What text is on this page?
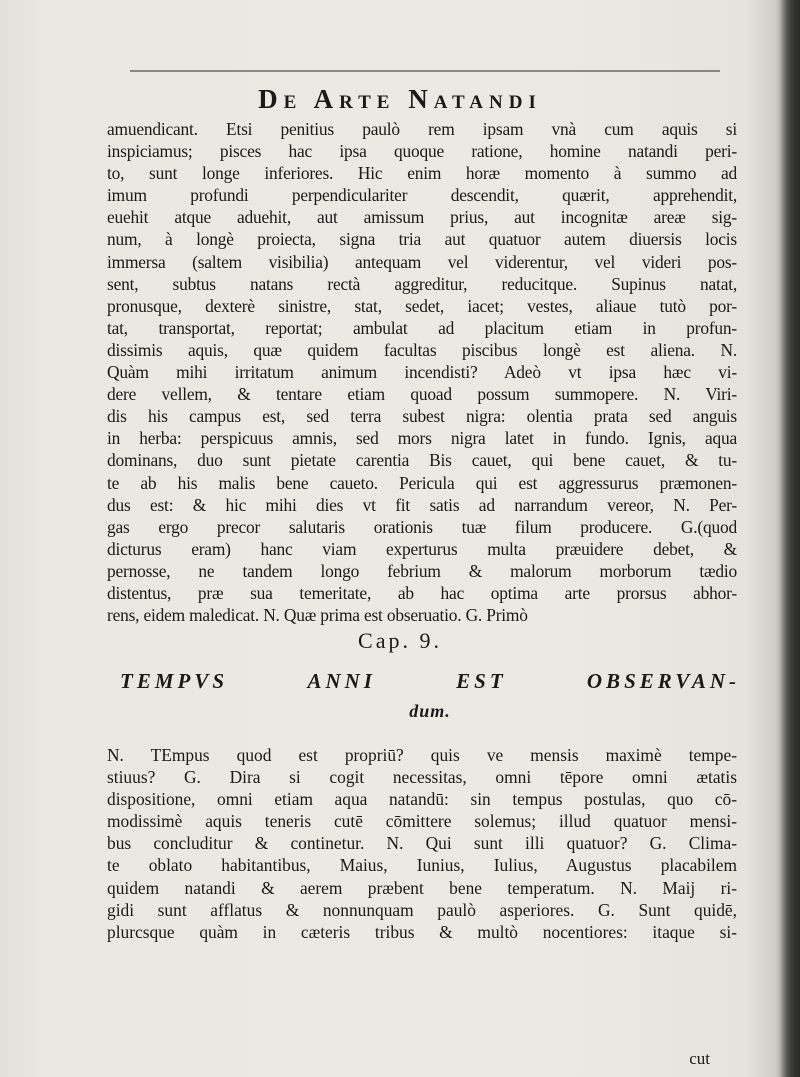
De Arte Natandi
amuendicant. Etsi penitius paulò rem ipsam vnà cum aquis si
inspiciamus; pisces hac ipsa quoque ratione, homine natandi peri-
to, sunt longe inferiores. Hic enim horæ momento à summo ad
imum profundi perpendiculariter descendit, quærit, apprehendit,
euehit atque aduehit, aut amissum prius, aut incognitæ areæ sig-
num, à longè proiecta, signa tria aut quatuor autem diuersis locis
immersa (saltem visibilia) antequam vel viderentur, vel videri pos-
sent, subtus natans rectà aggreditur, reducitque. Supinus natat,
pronusque, dexterè sinistre, stat, sedet, iacet; vestes, aliaue tutò por-
tat, transportat, reportat; ambulat ad placitum etiam in profun-
dissimis aquis, quæ quidem facultas piscibus longè est aliena. N.
Quàm mihi irritatum animum incendisti? Adeò vt ipsa hæc vi-
dere vellem, & tentare etiam quoad possum summopere. N. Viri-
dis his campus est, sed terra subest nigra: olentia prata sed anguis
in herba: perspicuus amnis, sed mors nigra latet in fundo. Ignis, aqua
dominans, duo sunt pietate carentia Bis cauet, qui bene cauet, & tu-
te ab his malis bene caueto. Pericula qui est aggressurus præmonen-
dus est: & hic mihi dies vt fit satis ad narrandum vereor, N. Per-
gas ergo precor salutaris orationis tuæ filum producere. G.(quod
dicturus eram) hanc viam experturus multa præuidere debet, &
pernosse, ne tandem longo febrium & malorum morborum tædio
distentus, præ sua temeritate, ab hac optima arte prorsus abhor-
rens, eidem maledicat. N. Quæ prima est obseruatio. G. Primò
Cap. 9.
TEMPVS ANNI EST OBSERVAN-
dum.
N. TEmpus quod est propriū? quis ve mensis maximè tempe-
stiuus? G. Dira si cogit necessitas, omni tēpore omni ætatis
dispositione, omni etiam aqua natandū: sin tempus postulas, quo cō-
modissimè aquis teneris cutē cōmittere solemus; illud quatuor mensi-
bus concluditur & continetur. N. Qui sunt illi quatuor? G. Clima-
te oblato habitantibus, Maius, Iunius, Iulius, Augustus placabilem
quidem natandi & aerem præbent bene temperatum. N. Maij ri-
gidi sunt afflatus & nonnunquam paulò asperiores. G. Sunt quidē,
plurcsque quàm in cæteris tribus & multò nocentiores: itaque si-
cut
